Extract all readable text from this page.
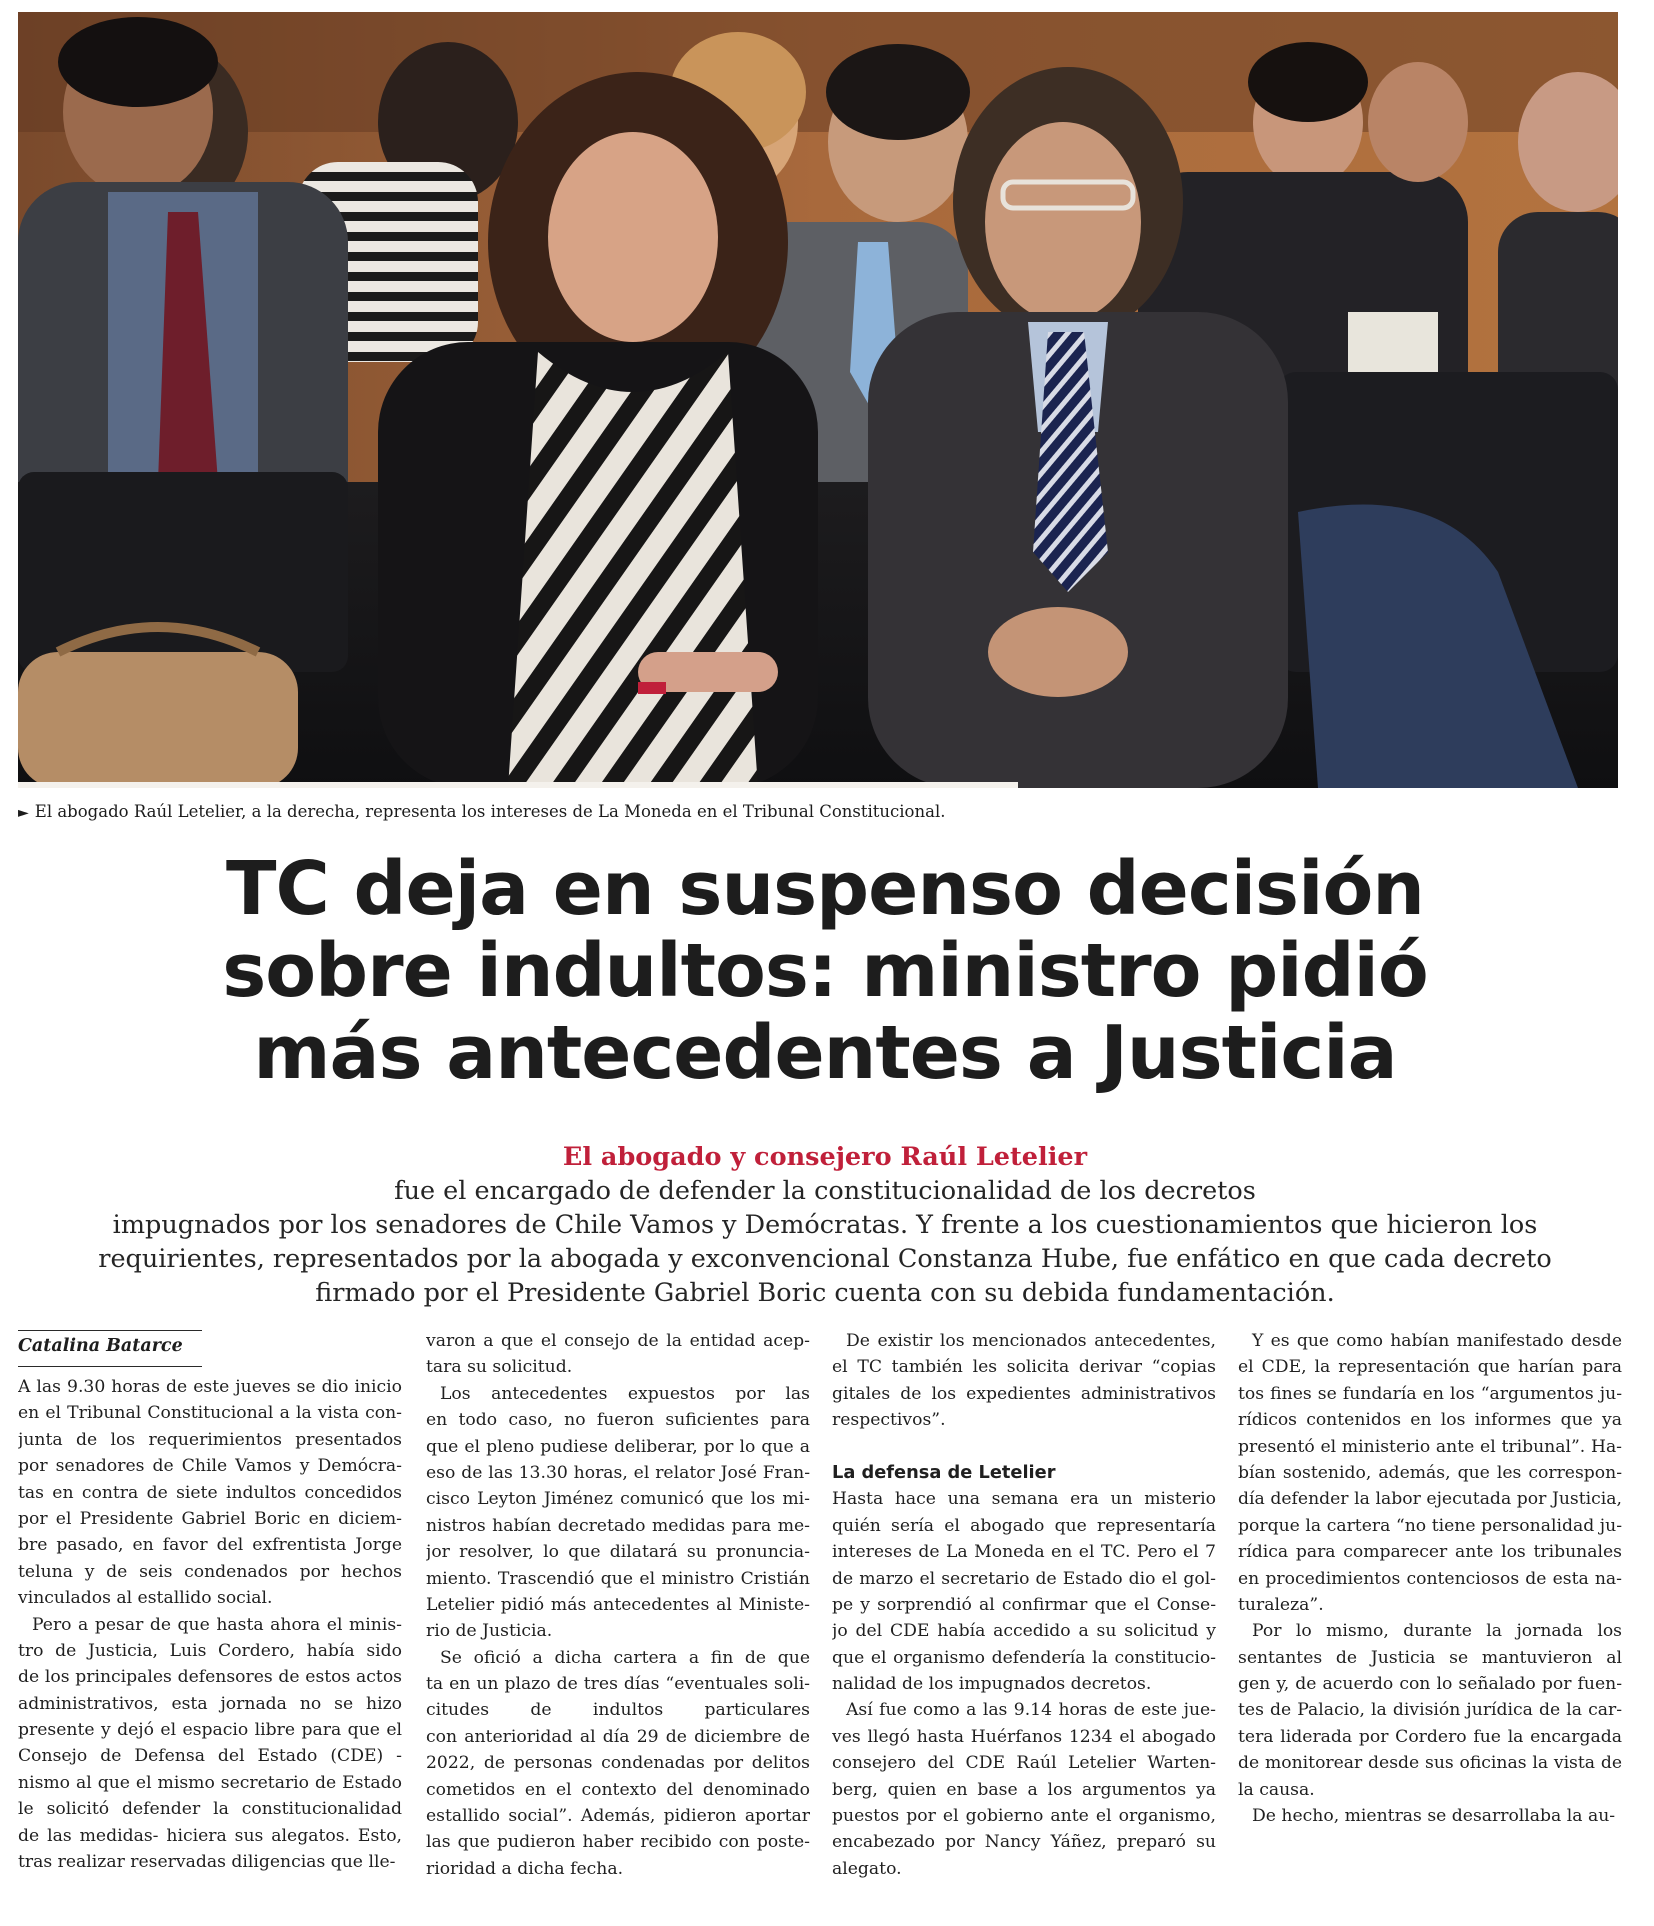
► El abogado Raúl Letelier, a la derecha, representa los intereses de La Moneda en el Tribunal Constitucional.
TC deja en suspenso decisión
sobre indultos: ministro pidió
más antecedentes a Justicia
El abogado y consejero Raúl Letelier
fue el encargado de defender la constitucionalidad de los decretos
impugnados por los senadores de Chile Vamos y Demócratas. Y frente a los cuestionamientos que hicieron los
requirientes, representados por la abogada y exconvencional Constanza Hube, fue enfático en que cada decreto
firmado por el Presidente Gabriel Boric cuenta con su debida fundamentación.
Catalina Batarce
A las 9.30 horas de este jueves se dio inicio
en el Tribunal Constitucional a la vista con-
junta de los requerimientos presentados
por senadores de Chile Vamos y Demócra-
tas en contra de siete indultos concedidos
por el Presidente Gabriel Boric en diciem-
bre pasado, en favor del exfrentista Jorge
teluna y de seis condenados por hechos
vinculados al estallido social.
Pero a pesar de que hasta ahora el minis-
tro de Justicia, Luis Cordero, había sido
de los principales defensores de estos actos
administrativos, esta jornada no se hizo
presente y dejó el espacio libre para que el
Consejo de Defensa del Estado (CDE) -
nismo al que el mismo secretario de Estado
le solicitó defender la constitucionalidad
de las medidas- hiciera sus alegatos. Esto,
tras realizar reservadas diligencias que lle-
varon a que el consejo de la entidad acep-
tara su solicitud.
Los antecedentes expuestos por las
en todo caso, no fueron suficientes para
que el pleno pudiese deliberar, por lo que a
eso de las 13.30 horas, el relator José Fran-
cisco Leyton Jiménez comunicó que los mi-
nistros habían decretado medidas para me-
jor resolver, lo que dilatará su pronuncia-
miento. Trascendió que el ministro Cristián
Letelier pidió más antecedentes al Ministe-
rio de Justicia.
Se ofició a dicha cartera a fin de que
ta en un plazo de tres días “eventuales soli-
citudes de indultos particulares
con anterioridad al día 29 de diciembre de
2022, de personas condenadas por delitos
cometidos en el contexto del denominado
estallido social”. Además, pidieron aportar
las que pudieron haber recibido con poste-
rioridad a dicha fecha.
De existir los mencionados antecedentes,
el TC también les solicita derivar “copias
gitales de los expedientes administrativos
respectivos”.

La defensa de Letelier
Hasta hace una semana era un misterio
quién sería el abogado que representaría
intereses de La Moneda en el TC. Pero el 7
de marzo el secretario de Estado dio el gol-
pe y sorprendió al confirmar que el Conse-
jo del CDE había accedido a su solicitud y
que el organismo defendería la constitucio-
nalidad de los impugnados decretos.
Así fue como a las 9.14 horas de este jue-
ves llegó hasta Huérfanos 1234 el abogado
consejero del CDE Raúl Letelier Warten-
berg, quien en base a los argumentos ya
puestos por el gobierno ante el organismo,
encabezado por Nancy Yáñez, preparó su
alegato.
Y es que como habían manifestado desde
el CDE, la representación que harían para
tos fines se fundaría en los “argumentos ju-
rídicos contenidos en los informes que ya
presentó el ministerio ante el tribunal”. Ha-
bían sostenido, además, que les correspon-
día defender la labor ejecutada por Justicia,
porque la cartera “no tiene personalidad ju-
rídica para comparecer ante los tribunales
en procedimientos contenciosos de esta na-
turaleza”.
Por lo mismo, durante la jornada los
sentantes de Justicia se mantuvieron al
gen y, de acuerdo con lo señalado por fuen-
tes de Palacio, la división jurídica de la car-
tera liderada por Cordero fue la encargada
de monitorear desde sus oficinas la vista de
la causa.
De hecho, mientras se desarrollaba la au-
